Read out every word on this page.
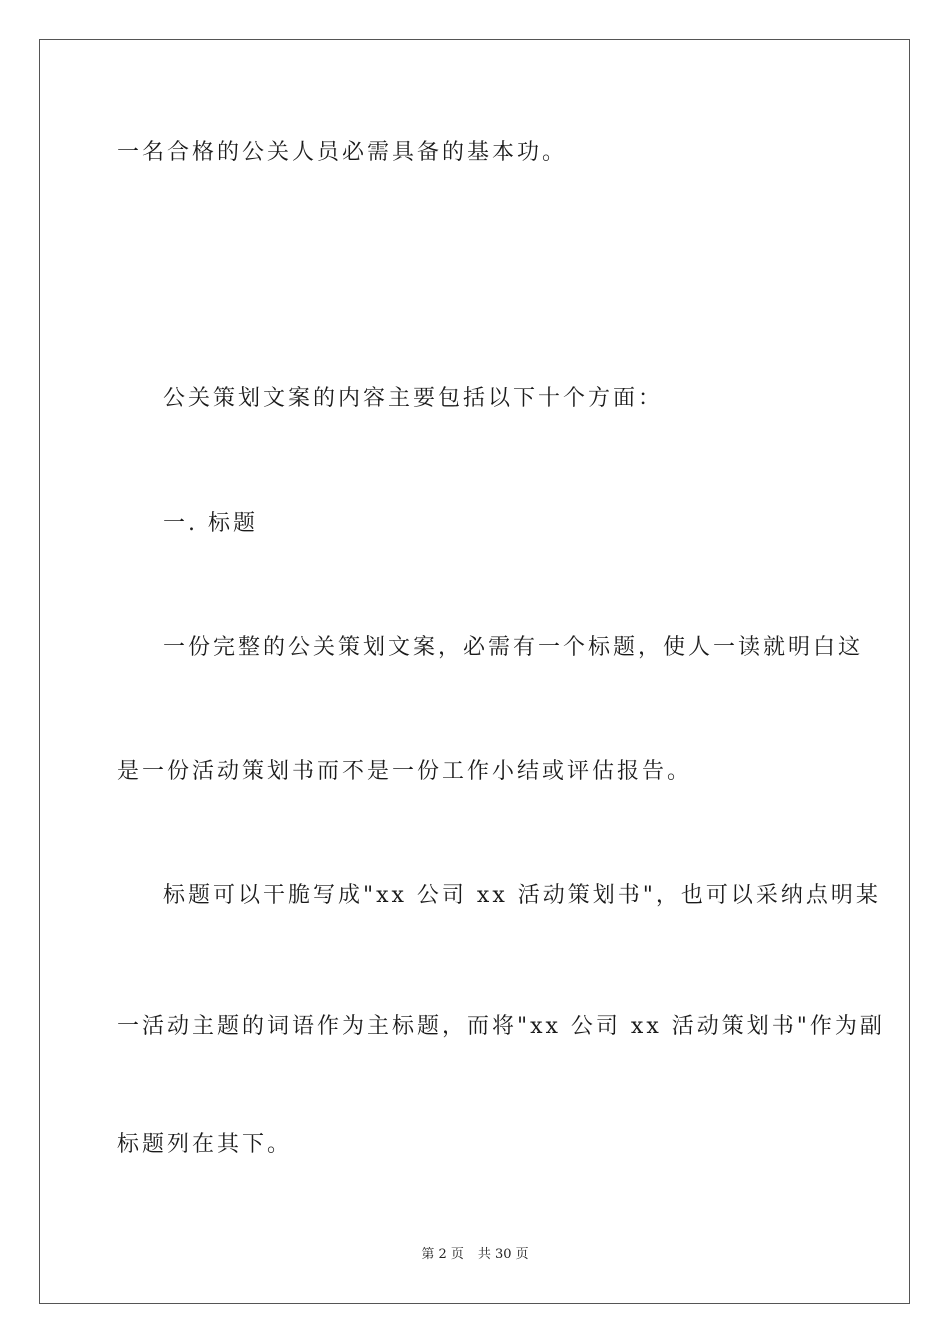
一名合格的公关人员必需具备的基本功。
公关策划文案的内容主要包括以下十个方面：
一. 标题
一份完整的公关策划文案，必需有一个标题，使人一读就明白这
是一份活动策划书而不是一份工作小结或评估报告。
标题可以干脆写成"xx 公司 xx 活动策划书"，也可以采纳点明某
一活动主题的词语作为主标题，而将"xx 公司 xx 活动策划书"作为副
标题列在其下。
第 2 页 共 30 页
